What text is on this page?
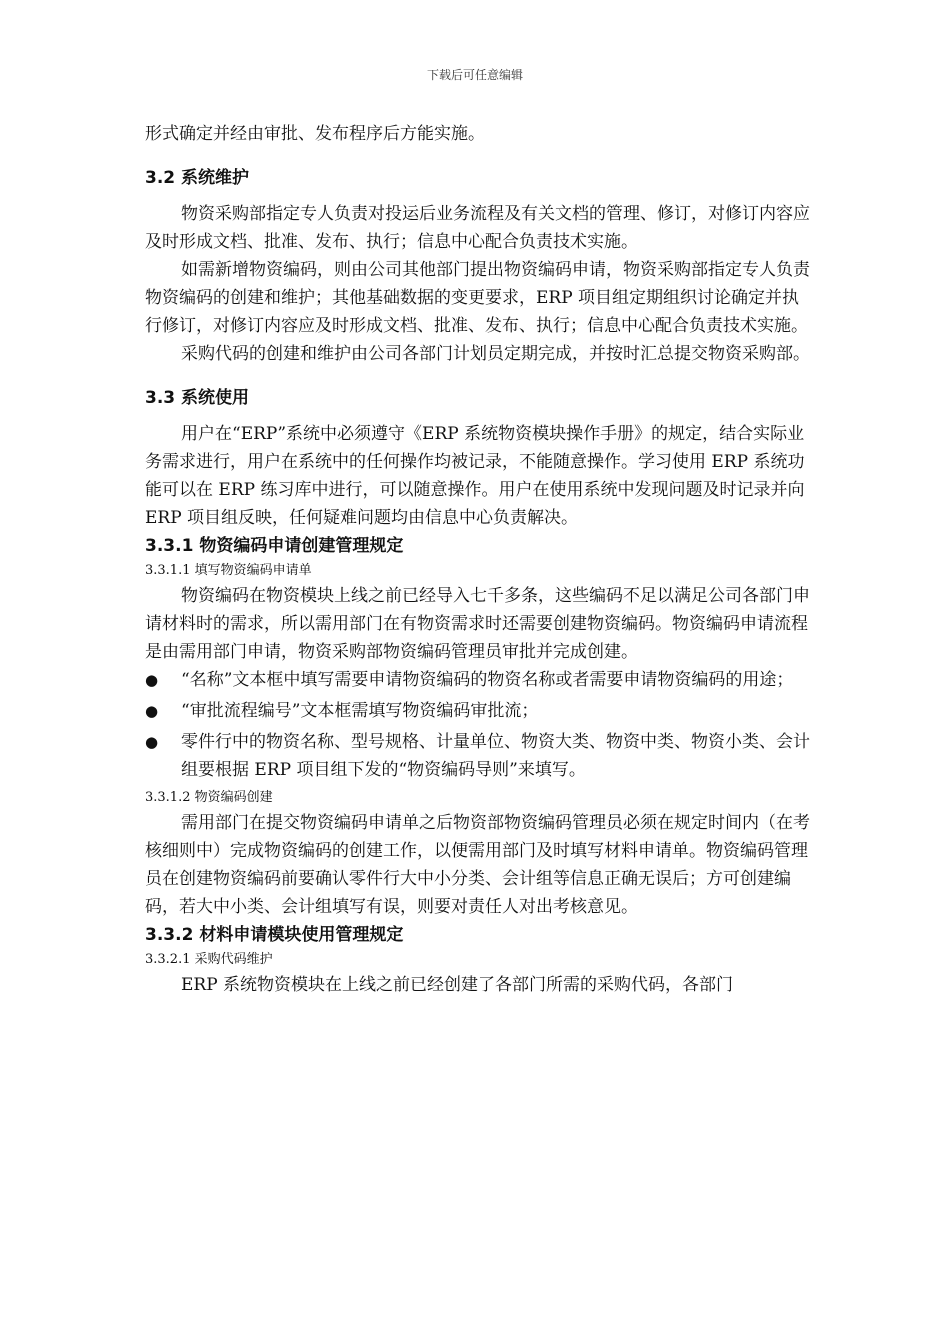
下载后可任意编辑

形式确定并经由审批、发布程序后方能实施。

3.2 系统维护

物资采购部指定专人负责对投运后业务流程及有关文档的管理、修订，对修订内容应及时形成文档、批准、发布、执行；信息中心配合负责技术实施。

如需新增物资编码，则由公司其他部门提出物资编码申请，物资采购部指定专人负责物资编码的创建和维护；其他基础数据的变更要求，ERP 项目组定期组织讨论确定并执行修订，对修订内容应及时形成文档、批准、发布、执行；信息中心配合负责技术实施。

采购代码的创建和维护由公司各部门计划员定期完成，并按时汇总提交物资采购部。

3.3 系统使用

用户在“ERP”系统中必须遵守《ERP 系统物资模块操作手册》的规定，结合实际业务需求进行，用户在系统中的任何操作均被记录，不能随意操作。学习使用 ERP 系统功能可以在 ERP 练习库中进行，可以随意操作。用户在使用系统中发现问题及时记录并向 ERP 项目组反映，任何疑难问题均由信息中心负责解决。

3.3.1 物资编码申请创建管理规定
3.3.1.1 填写物资编码申请单

物资编码在物资模块上线之前已经导入七千多条，这些编码不足以满足公司各部门申请材料时的需求，所以需用部门在有物资需求时还需要创建物资编码。物资编码申请流程是由需用部门申请，物资采购部物资编码管理员审批并完成创建。

● “名称”文本框中填写需要申请物资编码的物资名称或者需要申请物资编码的用途；
● “审批流程编号”文本框需填写物资编码审批流；
● 零件行中的物资名称、型号规格、计量单位、物资大类、物资中类、物资小类、会计组要根据 ERP 项目组下发的“物资编码导则”来填写。
3.3.1.2 物资编码创建

需用部门在提交物资编码申请单之后物资部物资编码管理员必须在规定时间内（在考核细则中）完成物资编码的创建工作，以便需用部门及时填写材料申请单。物资编码管理员在创建物资编码前要确认零件行大中小分类、会计组等信息正确无误后；方可创建编码，若大中小类、会计组填写有误，则要对责任人对出考核意见。

3.3.2 材料申请模块使用管理规定
3.3.2.1 采购代码维护

ERP 系统物资模块在上线之前已经创建了各部门所需的采购代码，各部门
